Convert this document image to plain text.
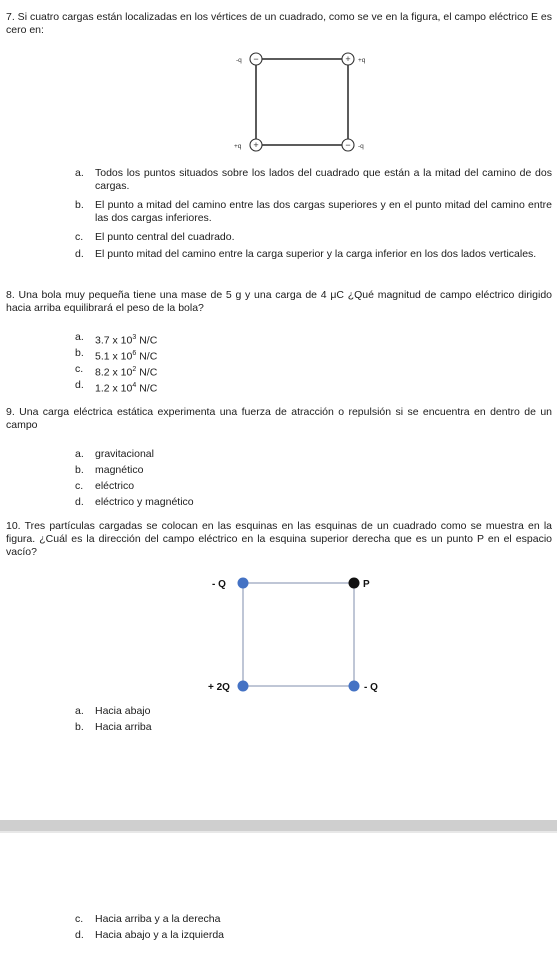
7. Si cuatro cargas están localizadas en los vértices de un cuadrado, como se ve en la figura, el campo eléctrico E es cero en:
-q −	+ +q
+q +	− -q
a.	Todos los puntos situados sobre los lados del cuadrado que están a la mitad del camino de dos cargas.
b.	El punto a mitad del camino entre las dos cargas superiores y en el punto mitad del camino entre las dos cargas inferiores.
c.	El punto central del cuadrado.
d.	El punto mitad del camino entre la carga superior y la carga inferior en los dos lados verticales.
8. Una bola muy pequeña tiene una mase de 5 g y una carga de 4 μC ¿Qué magnitud de campo eléctrico dirigido hacia arriba equilibrará el peso de la bola?
a.	3.7 x $10^3$ N/C
b.	5.1 x $10^6$ N/C
c.	8.2 x $10^2$ N/C
d.	1.2 x $10^4$ N/C
9. Una carga eléctrica estática experimenta una fuerza de atracción o repulsión si se encuentra en dentro de un campo
a.	gravitacional
b.	magnético
c.	eléctrico
d.	eléctrico y magnético
10. Tres partículas cargadas se colocan en las esquinas en las esquinas de un cuadrado como se muestra en la figura. ¿Cuál es la dirección del campo eléctrico en la esquina superior derecha que es un punto P en el espacio vacío?
- Q	P
+ 2Q	- Q
a.	Hacia abajo
b.	Hacia arriba
c.	Hacia arriba y a la derecha
d.	Hacia abajo y a la izquierda
